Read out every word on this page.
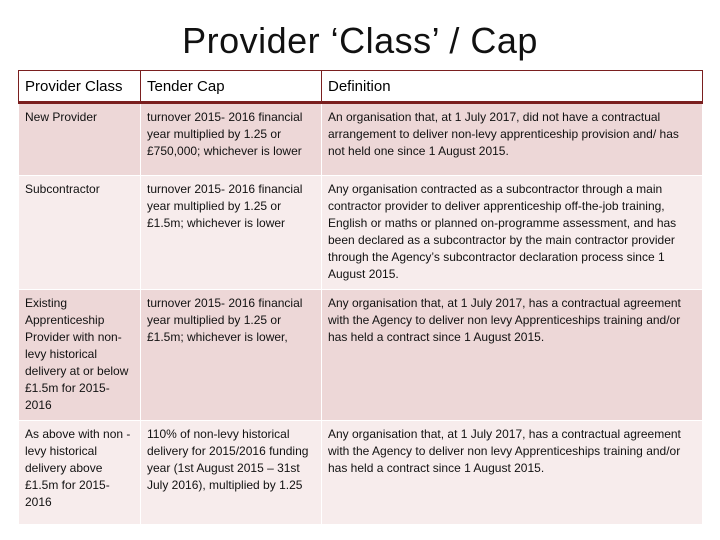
Provider ‘Class’ / Cap
Provider Class	Tender Cap	Definition
New Provider	turnover 2015- 2016 financial year multiplied by 1.25 or £750,000; whichever is lower	An organisation that, at 1 July 2017, did not have a contractual arrangement to deliver non-levy apprenticeship provision and/ has not held one since 1 August 2015.
Subcontractor	turnover 2015- 2016 financial year multiplied by 1.25 or £1.5m; whichever is lower	Any organisation contracted as a subcontractor through a main contractor provider to deliver apprenticeship off-the-job training, English or maths or planned on-programme assessment, and has been declared as a subcontractor by the main contractor provider through the Agency’s subcontractor declaration process since 1 August 2015.
Existing Apprenticeship Provider with non-levy historical delivery at or below £1.5m for 2015- 2016	turnover 2015- 2016 financial year multiplied by 1.25 or £1.5m; whichever is lower,	Any organisation that, at 1 July 2017, has a contractual agreement with the Agency to deliver non levy Apprenticeships training and/or has held a contract since 1 August 2015.
As above with non -levy historical delivery above £1.5m for 2015- 2016	110% of non-levy historical delivery for 2015/2016 funding year (1st August 2015 – 31st July 2016), multiplied by 1.25	Any organisation that, at 1 July 2017, has a contractual agreement with the Agency to deliver non levy Apprenticeships training and/or has held a contract since 1 August 2015.
